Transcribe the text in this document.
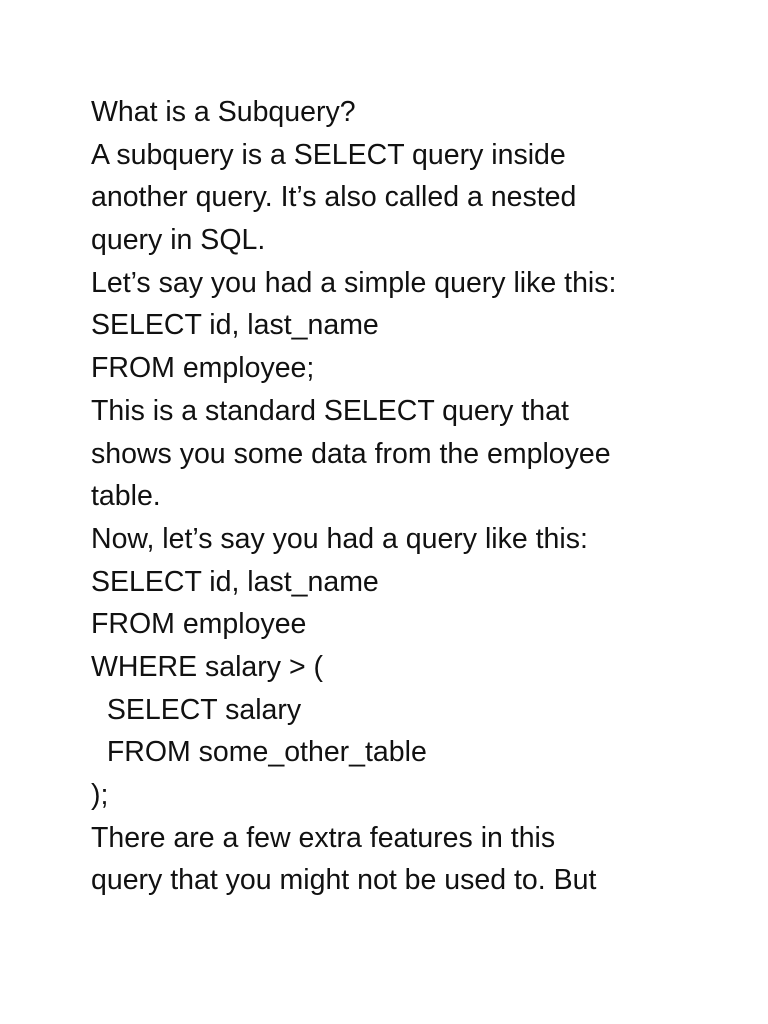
What is a Subquery?

A subquery is a SELECT query inside

another query. It’s also called a nested

query in SQL.

Let’s say you had a simple query like this:

SELECT id, last_name

FROM employee;

This is a standard SELECT query that

shows you some data from the employee

table.

Now, let’s say you had a query like this:

SELECT id, last_name

FROM employee

WHERE salary > (

SELECT salary

FROM some_other_table

);

There are a few extra features in this

query that you might not be used to. But
